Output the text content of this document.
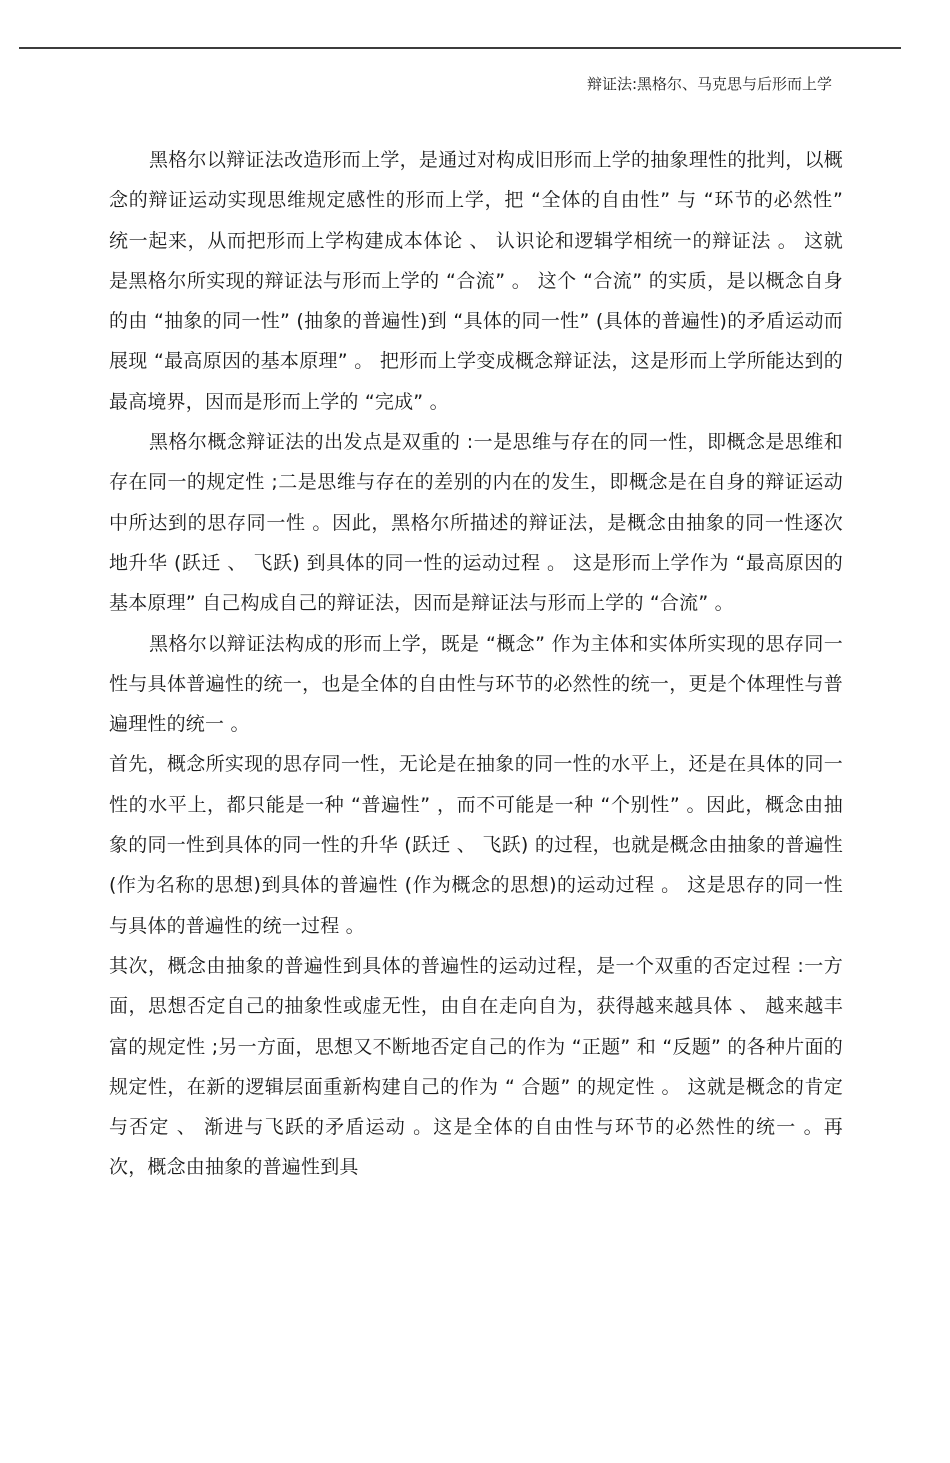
辩证法:黑格尔、马克思与后形而上学

黑格尔以辩证法改造形而上学，是通过对构成旧形而上学的抽象理性的批判，以概念的辩证运动实现思维规定感性的形而上学，把 “全体的自由性” 与 “环节的必然性” 统一起来，从而把形而上学构建成本体论 、 认识论和逻辑学相统一的辩证法 。 这就是黑格尔所实现的辩证法与形而上学的 “合流” 。 这个 “合流” 的实质，是以概念自身的由 “抽象的同一性” (抽象的普遍性)到 “具体的同一性” (具体的普遍性)的矛盾运动而展现 “最高原因的基本原理” 。 把形而上学变成概念辩证法，这是形而上学所能达到的最高境界，因而是形而上学的 “完成” 。

黑格尔概念辩证法的出发点是双重的 :一是思维与存在的同一性，即概念是思维和存在同一的规定性 ;二是思维与存在的差别的内在的发生，即概念是在自身的辩证运动中所达到的思存同一性 。因此，黑格尔所描述的辩证法，是概念由抽象的同一性逐次地升华 (跃迁 、 飞跃) 到具体的同一性的运动过程 。 这是形而上学作为 “最高原因的基本原理” 自己构成自己的辩证法，因而是辩证法与形而上学的 “合流” 。

黑格尔以辩证法构成的形而上学，既是 “概念” 作为主体和实体所实现的思存同一性与具体普遍性的统一，也是全体的自由性与环节的必然性的统一，更是个体理性与普遍理性的统一 。

首先，概念所实现的思存同一性，无论是在抽象的同一性的水平上，还是在具体的同一性的水平上，都只能是一种 “普遍性” ，而不可能是一种 “个别性” 。因此，概念由抽象的同一性到具体的同一性的升华 (跃迁 、 飞跃) 的过程，也就是概念由抽象的普遍性 (作为名称的思想)到具体的普遍性 (作为概念的思想)的运动过程 。 这是思存的同一性与具体的普遍性的统一过程 。

其次，概念由抽象的普遍性到具体的普遍性的运动过程，是一个双重的否定过程 :一方面，思想否定自己的抽象性或虚无性，由自在走向自为，获得越来越具体 、 越来越丰富的规定性 ;另一方面，思想又不断地否定自己的作为 “正题” 和 “反题” 的各种片面的规定性，在新的逻辑层面重新构建自己的作为 “ 合题” 的规定性 。 这就是概念的肯定与否定 、 渐进与飞跃的矛盾运动 。这是全体的自由性与环节的必然性的统一 。再次，概念由抽象的普遍性到具
